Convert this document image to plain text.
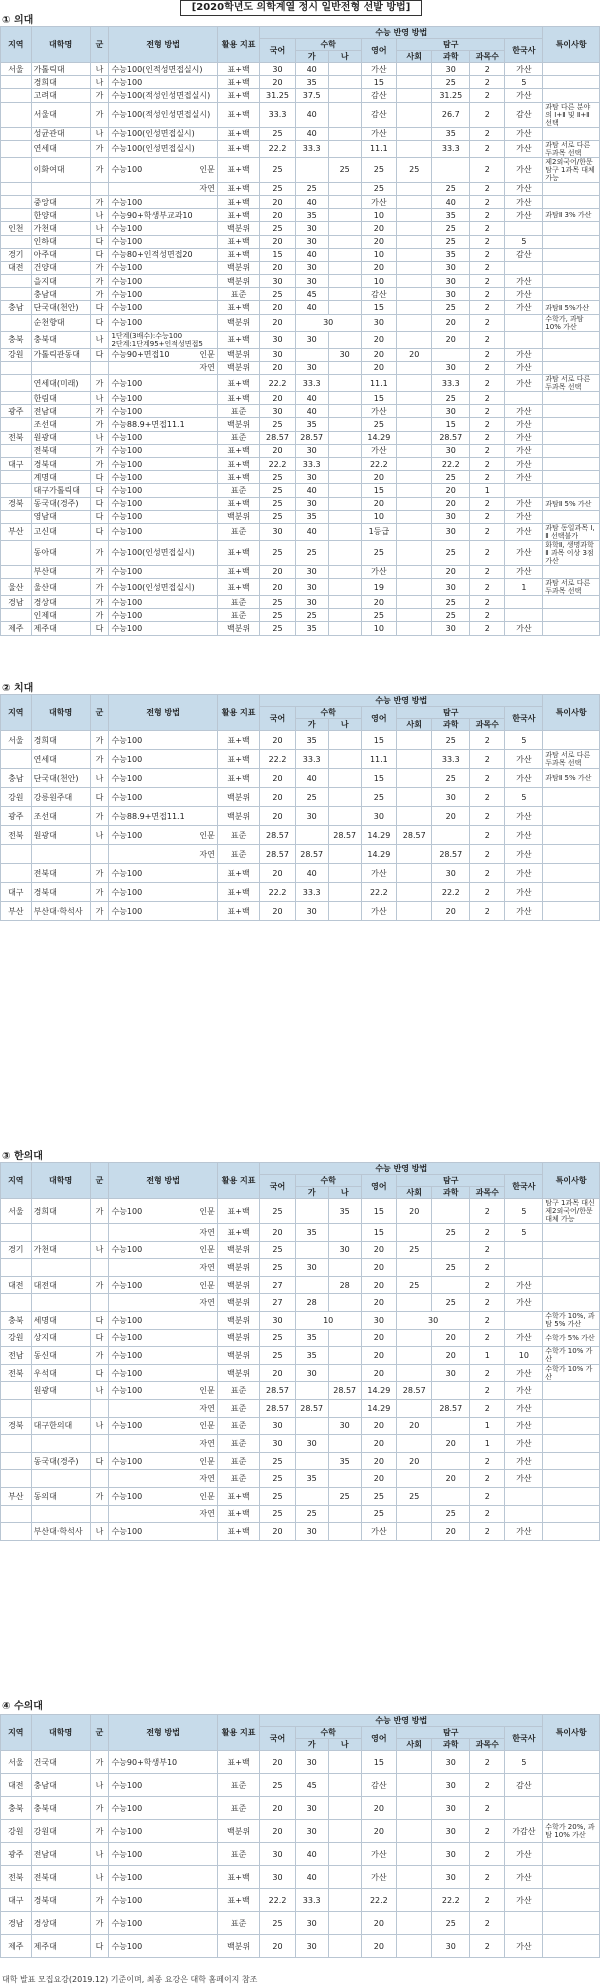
[2020학년도 의학계열 정시 일반전형 선발 방법]
① 의대
지역	대학명	군	전형 방법	활용 지표	수능 반영 방법								특이사항
					국어	수학		영어	탐구			한국사	
						가	나		사회	과학	과목수		
서울	가톨릭대	나	수능100(인적성면접실시)	표+백	30	40		가산		30	2	가산	
	경희대	나	수능100	표+백	20	35		15		25	2	5	
	고려대	가	수능100(적성인성면접실시)	표+백	31.25	37.5		감산		31.25	2	가산	
	서울대	가	수능100(적성인성면접실시)	표+백	33.3	40		감산		26.7	2	감산	과탐 다른 분야의 Ⅰ+Ⅱ 및 Ⅱ+Ⅱ 선택
	성균관대	나	수능100(인성면접실시)	표+백	25	40		가산		35	2	가산	
	연세대	가	수능100(인성면접실시)	표+백	22.2	33.3		11.1		33.3	2	가산	과탐 서로 다른 두과목 선택
	이화여대	가	수능100 인문	표+백	25		25	25	25		2	가산	제2외국어/한문 탐구 1과목 대체 가능

			자연	표+백	25	25		25		25	2	가산	
	중앙대	가	수능100	표+백	20	40		가산		40	2	가산	
	한양대	나	수능90+학생부교과10	표+백	20	35		10		35	2	가산	과탐Ⅱ 3% 가산
인천	가천대	나	수능100	백분위	25	30		20		25	2		
	인하대	다	수능100	표+백	20	30		20		25	2	5	
경기	아주대	다	수능80+인적성면접20	표+백	15	40		10		35	2	감산	
대전	건양대	가	수능100	백분위	20	30		20		30	2		
	을지대	가	수능100	백분위	30	30		10		30	2	가산	
	충남대	가	수능100	표준	25	45		감산		30	2	가산	
충남	단국대(천안)	다	수능100	표+백	20	40		15		25	2	가산	과탐Ⅱ 5%가산
	순천향대	다	수능100	백분위	20	30		30		20	2		수학가, 과탐 10% 가산
충북	충북대	나	1단계(3배수):수능100
2단계:1단계95+인적성면접5	표+백	30	30		20		20	2		
강원	가톨릭관동대	다	수능90+면접10 인문	백분위	30		30	20	20		2	가산	

			자연	백분위	20	30		20		30	2	가산	
	연세대(미래)	가	수능100	표+백	22.2	33.3		11.1		33.3	2	가산	과탐 서로 다른 두과목 선택
	한림대	나	수능100	표+백	20	40		15		25	2		
광주	전남대	가	수능100	표준	30	40		가산		30	2	가산	
	조선대	가	수능88.9+면접11.1	백분위	25	35		25		15	2	가산	
전북	원광대	나	수능100	표준	28.57	28.57		14.29		28.57	2	가산	
	전북대	가	수능100	표+백	20	30		가산		30	2	가산	
대구	경북대	가	수능100	표+백	22.2	33.3		22.2		22.2	2	가산	
	계명대	다	수능100	표+백	25	30		20		25	2	가산	
	대구가톨릭대	다	수능100	표준	25	40		15		20	1		
경북	동국대(경주)	다	수능100	표+백	25	30		20		20	2	가산	과탐Ⅱ 5% 가산
	영남대	다	수능100	백분위	25	35		10		30	2	가산	
부산	고신대	다	수능100	표준	30	40		1등급		30	2	가산	과탐 동일과목 Ⅰ, Ⅱ 선택불가
	동아대	가	수능100(인성면접실시)	표+백	25	25		25		25	2	가산	화학Ⅱ, 생명과학Ⅱ 과목 이상 3점 가산
	부산대	가	수능100	표+백	20	30		가산		20	2	가산	
울산	울산대	가	수능100(인성면접실시)	표+백	20	30		19		30	2	1	과탐 서로 다른 두과목 선택
경남	경상대	가	수능100	표준	25	30		20		25	2		
	인제대	가	수능100	표준	25	25		25		25	2		
제주	제주대	다	수능100	백분위	25	35		10		30	2	가산	
② 치대
지역	대학명	군	전형 방법	활용 지표	수능 반영 방법								특이사항
					국어	수학		영어	탐구			한국사	
						가	나		사회	과학	과목수		
서울	경희대	가	수능100	표+백	20	35		15		25	2	5	
	연세대	가	수능100	표+백	22.2	33.3		11.1		33.3	2	가산	과탐 서로 다른 두과목 선택
충남	단국대(천안)	나	수능100	표+백	20	40		15		25	2	가산	과탐Ⅱ 5% 가산
강원	강릉원주대	다	수능100	백분위	20	25		25		30	2	5	
광주	조선대	가	수능88.9+면접11.1	백분위	20	30		30		20	2	가산	
전북	원광대	나	수능100 인문	표준	28.57		28.57	14.29	28.57		2	가산	

			자연	표준	28.57	28.57		14.29		28.57	2	가산	
	전북대	가	수능100	표+백	20	40		가산		30	2	가산	
대구	경북대	가	수능100	표+백	22.2	33.3		22.2		22.2	2	가산	
부산	부산대·학석사	가	수능100	표+백	20	30		가산		20	2	가산	
③ 한의대
지역	대학명	군	전형 방법	활용 지표	수능 반영 방법								특이사항
					국어	수학		영어	탐구			한국사	
						가	나		사회	과학	과목수		
서울	경희대	가	수능100 인문	표+백	25		35	15	20		2	5	탐구 1과목 대신 제2외국어/한문 대체 가능

			자연	표+백	20	35		15		25	2	5	
경기	가천대	나	수능100 인문	백분위	25		30	20	25		2		

			자연	백분위	25	30		20		25	2		
대전	대전대	가	수능100 인문	백분위	27		28	20	25		2	가산	

			자연	백분위	27	28		20		25	2	가산	
충북	세명대	다	수능100	백분위	30	10		30	30		2		수학가 10%, 과탐 5% 가산
강원	상지대	다	수능100	백분위	25	35		20		20	2	가산	수학가 5% 가산
전남	동신대	가	수능100	백분위	25	35		20		20	1	10	수학가 10% 가산
전북	우석대	다	수능100	백분위	20	30		20		30	2	가산	수학가 10% 가산
	원광대	나	수능100 인문	표준	28.57		28.57	14.29	28.57		2	가산	

			자연	표준	28.57	28.57		14.29		28.57	2	가산	
경북	대구한의대	나	수능100 인문	표준	30		30	20	20		1	가산	

			자연	표준	30	30		20		20	1	가산	
	동국대(경주)	다	수능100 인문	표준	25		35	20	20		2	가산	

			자연	표준	25	35		20		20	2	가산	
부산	동의대	가	수능100 인문	표+백	25		25	25	25		2		

			자연	표+백	25	25		25		25	2		
	부산대·학석사	나	수능100	표+백	20	30		가산		20	2	가산	
④ 수의대
지역	대학명	군	전형 방법	활용 지표	수능 반영 방법								특이사항
					국어	수학		영어	탐구			한국사	
						가	나		사회	과학	과목수		
서울	건국대	가	수능90+학생부10	표+백	20	30		15		30	2	5	
대전	충남대	나	수능100	표준	25	45		감산		30	2	감산	
충북	충북대	가	수능100	표준	20	30		20		30	2		
강원	강원대	가	수능100	백분위	20	30		20		30	2	가감산	수학가 20%, 과탐 10% 가산
광주	전남대	나	수능100	표준	30	40		가산		30	2	가산	
전북	전북대	나	수능100	표+백	30	40		가산		30	2	가산	
대구	경북대	가	수능100	표+백	22.2	33.3		22.2		22.2	2	가산	
경남	경상대	가	수능100	표준	25	30		20		25	2		
제주	제주대	다	수능100	백분위	20	30		20		30	2	가산	
대학 발표 모집요강(2019.12) 기준이며, 최종 요강은 대학 홈페이지 참조
